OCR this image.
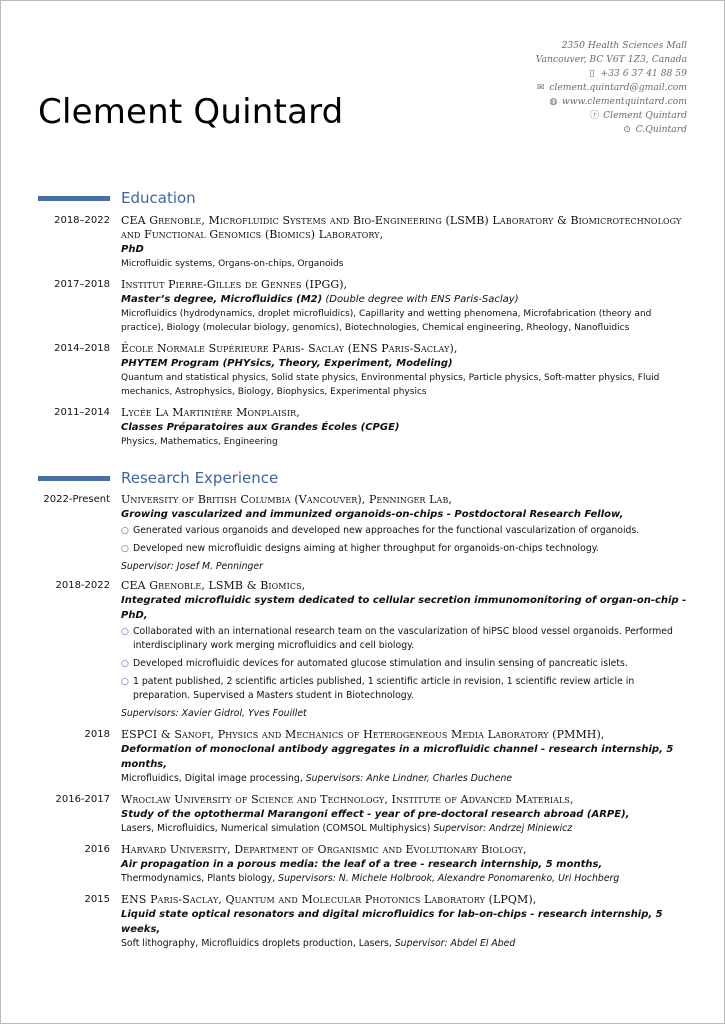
2350 Health Sciences Mall
Vancouver, BC V6T 1Z3, Canada
▯ +33 6 37 41 88 59
✉ clement.quintard@gmail.com
◍ www.clementquintard.com
ⓡ Clement Quintard
⊙ C.Quintard
Clement Quintard
Education
2018–2022	CEA Grenoble, Microfluidic Systems and Bio-Engineering (LSMB) Laboratory & Biomicrotechnology and Functional Genomics (Biomics) Laboratory,
PhD
Microfluidic systems, Organs-on-chips, Organoids
2017–2018	Institut Pierre-Gilles de Gennes (IPGG),
Master’s degree, Microfluidics (M2) (Double degree with ENS Paris-Saclay)
Microfluidics (hydrodynamics, droplet microfluidics), Capillarity and wetting phenomena, Microfabrication (theory and practice), Biology (molecular biology, genomics), Biotechnologies, Chemical engineering, Rheology, Nanofluidics
2014–2018	École Normale Supérieure Paris- Saclay (ENS Paris-Saclay),
PHYTEM Program (PHYsics, Theory, Experiment, Modeling)
Quantum and statistical physics, Solid state physics, Environmental physics, Particle physics, Soft-matter physics, Fluid mechanics, Astrophysics, Biology, Biophysics, Experimental physics
2011–2014	Lycée La Martinière Monplaisir,
Classes Préparatoires aux Grandes Écoles (CPGE)
Physics, Mathematics, Engineering
Research Experience
2022-Present	University of British Columbia (Vancouver), Penninger Lab,
Growing vascularized and immunized organoids-on-chips - Postdoctoral Research Fellow,
○ Generated various organoids and developed new approaches for the functional vascularization of organoids.
○ Developed new microfluidic designs aiming at higher throughput for organoids-on-chips technology.
Supervisor: Josef M. Penninger
2018-2022	CEA Grenoble, LSMB & Biomics,
Integrated microfluidic system dedicated to cellular secretion immunomonitoring of organ-on-chip - PhD,
○ Collaborated with an international research team on the vascularization of hiPSC blood vessel organoids. Performed interdisciplinary work merging microfluidics and cell biology.
○ Developed microfluidic devices for automated glucose stimulation and insulin sensing of pancreatic islets.
○ 1 patent published, 2 scientific articles published, 1 scientific article in revision, 1 scientific review article in preparation. Supervised a Masters student in Biotechnology.
Supervisors: Xavier Gidrol, Yves Fouillet
2018	ESPCI & Sanofi, Physics and Mechanics of Heterogeneous Media Laboratory (PMMH),
Deformation of monoclonal antibody aggregates in a microfluidic channel - research internship, 5 months,
Microfluidics, Digital image processing, Supervisors: Anke Lindner, Charles Duchene
2016-2017	Wroclaw University of Science and Technology, Institute of Advanced Materials,
Study of the optothermal Marangoni effect - year of pre-doctoral research abroad (ARPE),
Lasers, Microfluidics, Numerical simulation (COMSOL Multiphysics) Supervisor: Andrzej Miniewicz
2016	Harvard University, Department of Organismic and Evolutionary Biology,
Air propagation in a porous media: the leaf of a tree - research internship, 5 months,
Thermodynamics, Plants biology, Supervisors: N. Michele Holbrook, Alexandre Ponomarenko, Uri Hochberg
2015	ENS Paris-Saclay, Quantum and Molecular Photonics Laboratory (LPQM),
Liquid state optical resonators and digital microfluidics for lab-on-chips - research internship, 5 weeks,
Soft lithography, Microfluidics droplets production, Lasers, Supervisor: Abdel El Abed
